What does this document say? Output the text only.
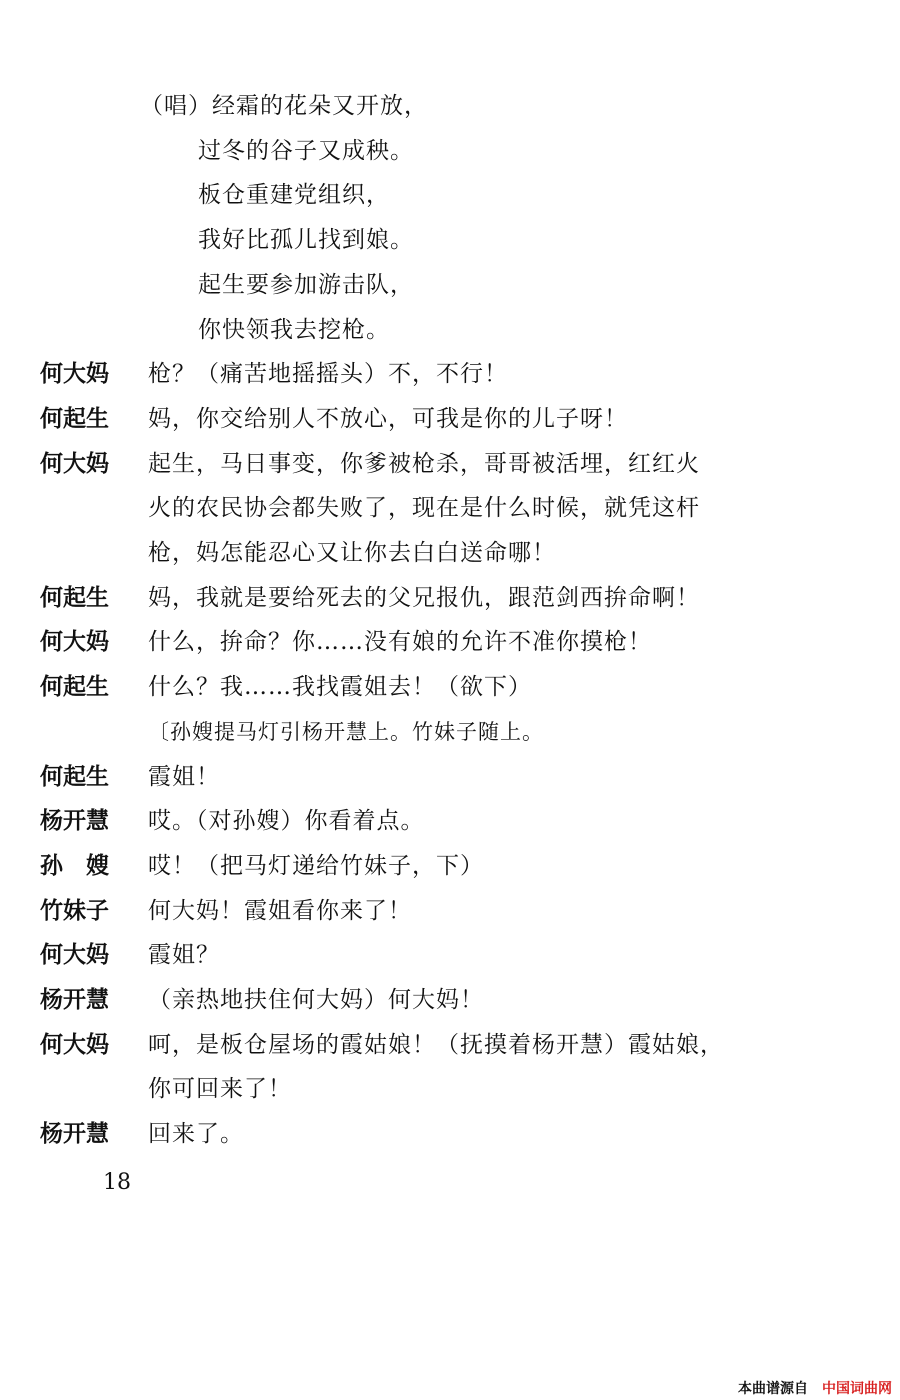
（唱）经霜的花朵又开放，
过冬的谷子又成秧。
板仓重建党组织，
我好比孤儿找到娘。
起生要参加游击队，
你快领我去挖枪。
何大妈 枪？（痛苦地摇摇头）不，不行！
何起生 妈，你交给别人不放心，可我是你的儿子呀！
何大妈 起生，马日事变，你爹被枪杀，哥哥被活埋，红红火
火的农民协会都失败了，现在是什么时候，就凭这杆
枪，妈怎能忍心又让你去白白送命哪！
何起生 妈，我就是要给死去的父兄报仇，跟范剑西拚命啊！
何大妈 什么，拚命？你……没有娘的允许不准你摸枪！
何起生 什么？我……我找霞姐去！（欲下）
〔孙嫂提马灯引杨开慧上。竹妹子随上。
何起生 霞姐！
杨开慧 哎。（对孙嫂）你看着点。
孙　嫂 哎！（把马灯递给竹妹子，下）
竹妹子 何大妈！霞姐看你来了！
何大妈 霞姐？
杨开慧 （亲热地扶住何大妈）何大妈！
何大妈 呵，是板仓屋场的霞姑娘！（抚摸着杨开慧）霞姑娘，
你可回来了！
杨开慧 回来了。
18
本曲谱源自 中国词曲网
